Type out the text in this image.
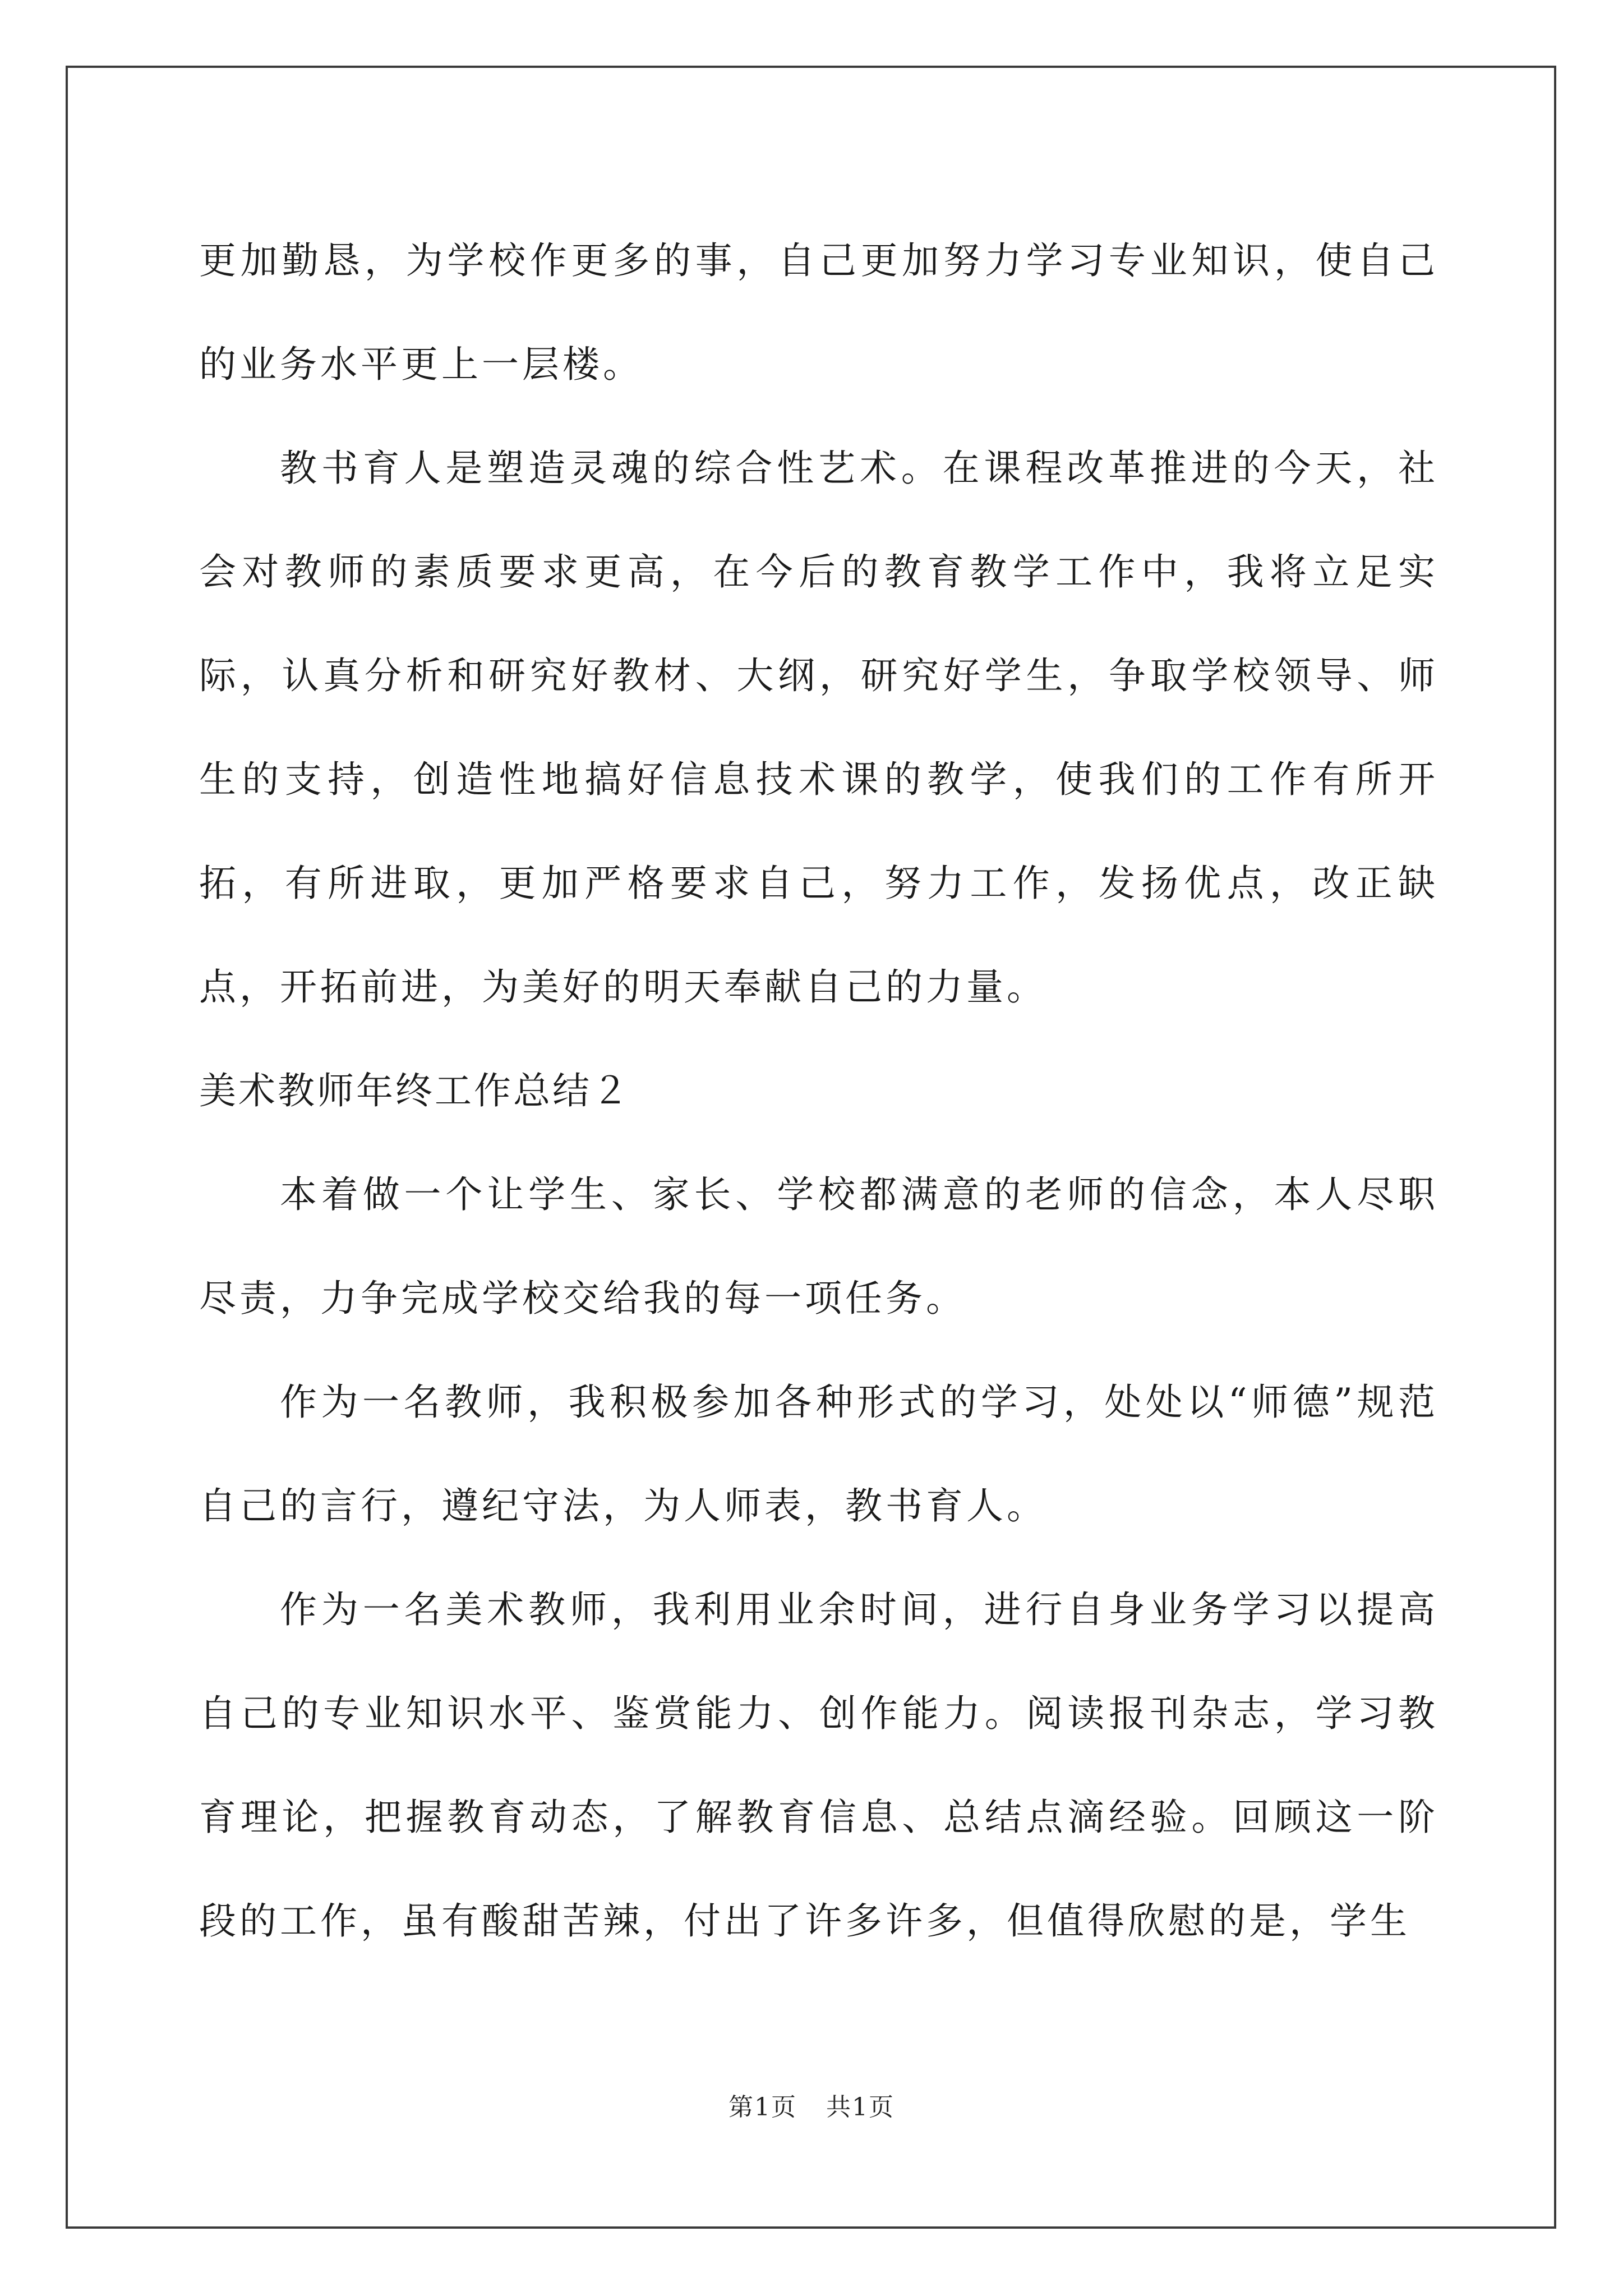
更加勤恳，为学校作更多的事，自己更加努力学习专业知识，使自己的业务水平更上一层楼。

教书育人是塑造灵魂的综合性艺术。在课程改革推进的今天，社会对教师的素质要求更高，在今后的教育教学工作中，我将立足实际，认真分析和研究好教材、大纲，研究好学生，争取学校领导、师生的支持，创造性地搞好信息技术课的教学，使我们的工作有所开拓，有所进取，更加严格要求自己，努力工作，发扬优点，改正缺点，开拓前进，为美好的明天奉献自己的力量。

美术教师年终工作总结２

本着做一个让学生、家长、学校都满意的老师的信念，本人尽职尽责，力争完成学校交给我的每一项任务。

作为一名教师，我积极参加各种形式的学习，处处以“师德”规范自己的言行，遵纪守法，为人师表，教书育人。

作为一名美术教师，我利用业余时间，进行自身业务学习以提高自己的专业知识水平、鉴赏能力、创作能力。阅读报刊杂志，学习教育理论，把握教育动态，了解教育信息、总结点滴经验。回顾这一阶段的工作，虽有酸甜苦辣，付出了许多许多，但值得欣慰的是，学生

第1页 共1页
